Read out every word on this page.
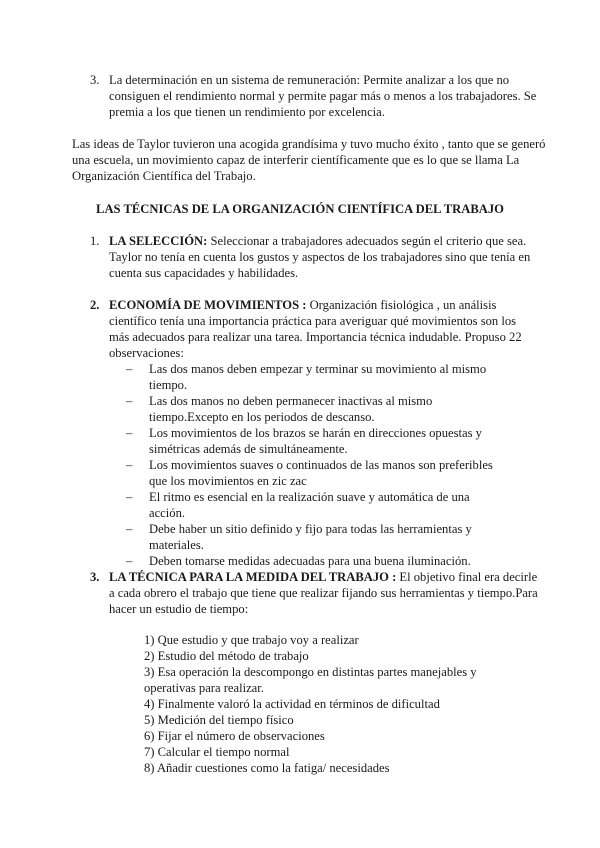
3. La determinación en un sistema de remuneración: Permite analizar a los que no consiguen el rendimiento normal y permite pagar más o menos a los trabajadores. Se premia a los que tienen un rendimiento por excelencia.

Las ideas de Taylor tuvieron una acogida grandísima y tuvo mucho éxito , tanto que se generó una escuela, un movimiento capaz de interferir científicamente que es lo que se llama La Organización Científica del Trabajo.

LAS TÉCNICAS DE LA ORGANIZACIÓN CIENTÍFICA DEL TRABAJO
1. LA SELECCIÓN: Seleccionar a trabajadores adecuados según el criterio que sea. Taylor no tenía en cuenta los gustos y aspectos de los trabajadores sino que tenía en cuenta sus capacidades y habilidades.

2. ECONOMÍA DE MOVIMIENTOS : Organización fisiológica , un análisis científico tenía una importancia práctica para averiguar qué movimientos son los más adecuados para realizar una tarea. Importancia técnica indudable. Propuso 22 observaciones:

–	Las dos manos deben empezar y terminar su movimiento al mismo tiempo.
–	Las dos manos no deben permanecer inactivas al mismo tiempo.Excepto en los periodos de descanso.
–	Los movimientos de los brazos se harán en direcciones opuestas y simétricas además de simultáneamente.
–	Los movimientos suaves o continuados de las manos son preferibles que los movimientos en zic zac
–	El ritmo es esencial en la realización suave y automática de una acción.
–	Debe haber un sitio definido y fijo para todas las herramientas y materiales.
–	Deben tomarse medidas adecuadas para una buena iluminación.
3. LA TÉCNICA PARA LA MEDIDA DEL TRABAJO : El objetivo final era decirle a cada obrero el trabajo que tiene que realizar fijando sus herramientas y tiempo.Para hacer un estudio de tiempo:

1) Que estudio y que trabajo voy a realizar
2) Estudio del método de trabajo
3) Esa operación la descompongo en distintas partes manejables y
operativas para realizar.
4) Finalmente valoró la actividad en términos de dificultad
5) Medición del tiempo físico
6) Fijar el número de observaciones
7) Calcular el tiempo normal
8) Añadir cuestiones como la fatiga/ necesidades
